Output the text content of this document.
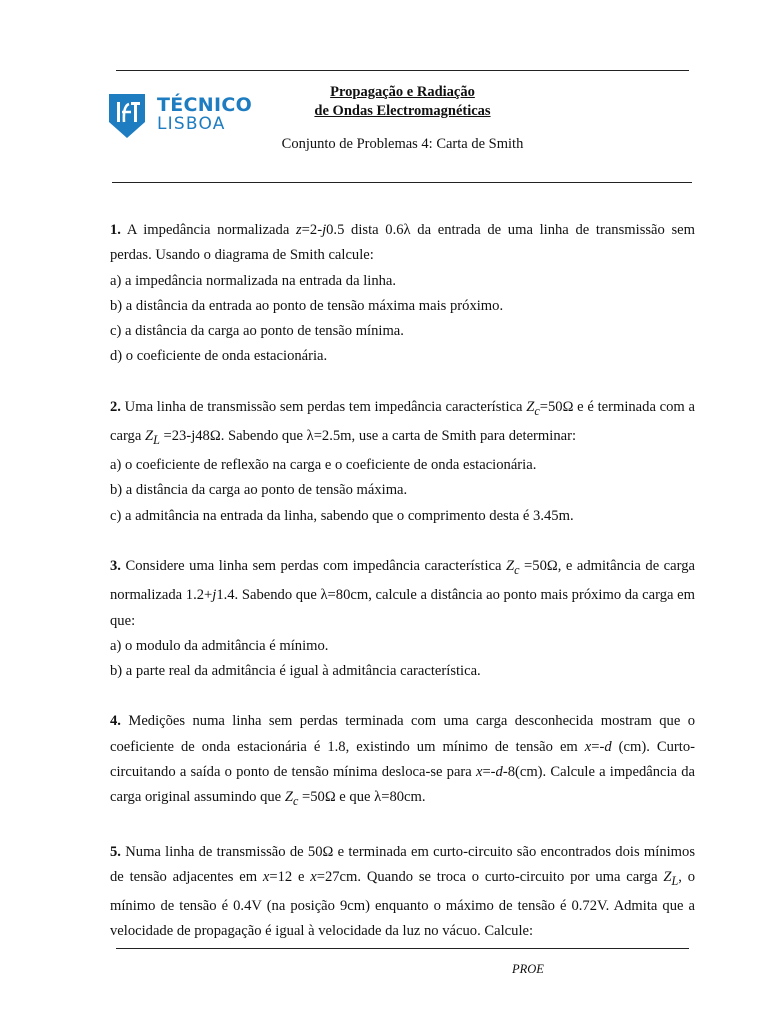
TÉCNICO
LISBOA
Propagação e Radiação
de Ondas Electromagnéticas
Conjunto de Problemas 4: Carta de Smith

1. A impedância normalizada z=2-j0.5 dista 0.6λ da entrada de uma linha de transmissão sem perdas. Usando o diagrama de Smith calcule:

a) a impedância normalizada na entrada da linha.

b) a distância da entrada ao ponto de tensão máxima mais próximo.

c) a distância da carga ao ponto de tensão mínima.

d) o coeficiente de onda estacionária.

2. Uma linha de transmissão sem perdas tem impedância característica $Z_c=50\Omega$ e é terminada com a carga $Z_L =23-j48\Omega$. Sabendo que λ=2.5m, use a carta de Smith para determinar:

a) o coeficiente de reflexão na carga e o coeficiente de onda estacionária.

b) a distância da carga ao ponto de tensão máxima.

c) a admitância na entrada da linha, sabendo que o comprimento desta é 3.45m.

3. Considere uma linha sem perdas com impedância característica $Z_c =50\Omega$, e admitância de carga normalizada 1.2+j1.4. Sabendo que λ=80cm, calcule a distância ao ponto mais próximo da carga em que:

a) o modulo da admitância é mínimo.

b) a parte real da admitância é igual à admitância característica.

4. Medições numa linha sem perdas terminada com uma carga desconhecida mostram que o coeficiente de onda estacionária é 1.8, existindo um mínimo de tensão em x=-d (cm). Curto-circuitando a saída o ponto de tensão mínima desloca-se para x=-d-8(cm). Calcule a impedância da carga original assumindo que $Z_c =50\Omega$ e que λ=80cm.

5. Numa linha de transmissão de 50Ω e terminada em curto-circuito são encontrados dois mínimos de tensão adjacentes em x=12 e x=27cm. Quando se troca o curto-circuito por uma carga $Z_L$, o mínimo de tensão é 0.4V (na posição 9cm) enquanto o máximo de tensão é 0.72V. Admita que a velocidade de propagação é igual à velocidade da luz no vácuo. Calcule:

PROE
